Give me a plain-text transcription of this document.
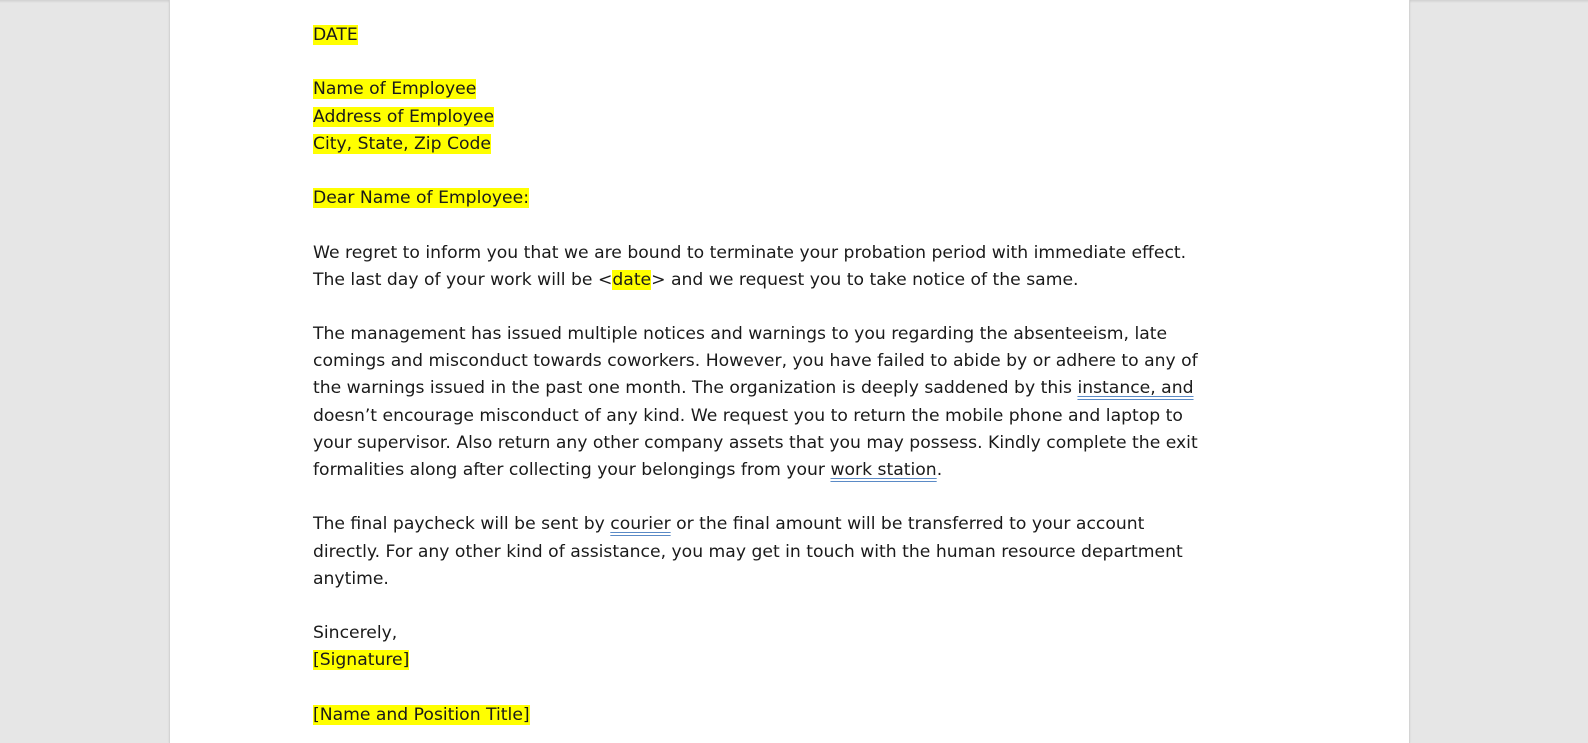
DATE
Name of Employee
Address of Employee
City, State, Zip Code
Dear Name of Employee:
We regret to inform you that we are bound to terminate your probation period with immediate effect.
The last day of your work will be <date> and we request you to take notice of the same.
The management has issued multiple notices and warnings to you regarding the absenteeism, late
comings and misconduct towards coworkers. However, you have failed to abide by or adhere to any of
the warnings issued in the past one month. The organization is deeply saddened by this instance, and
doesn’t encourage misconduct of any kind. We request you to return the mobile phone and laptop to
your supervisor. Also return any other company assets that you may possess. Kindly complete the exit
formalities along after collecting your belongings from your work station.
The final paycheck will be sent by courier or the final amount will be transferred to your account
directly. For any other kind of assistance, you may get in touch with the human resource department
anytime.
Sincerely,
[Signature]
[Name and Position Title]
